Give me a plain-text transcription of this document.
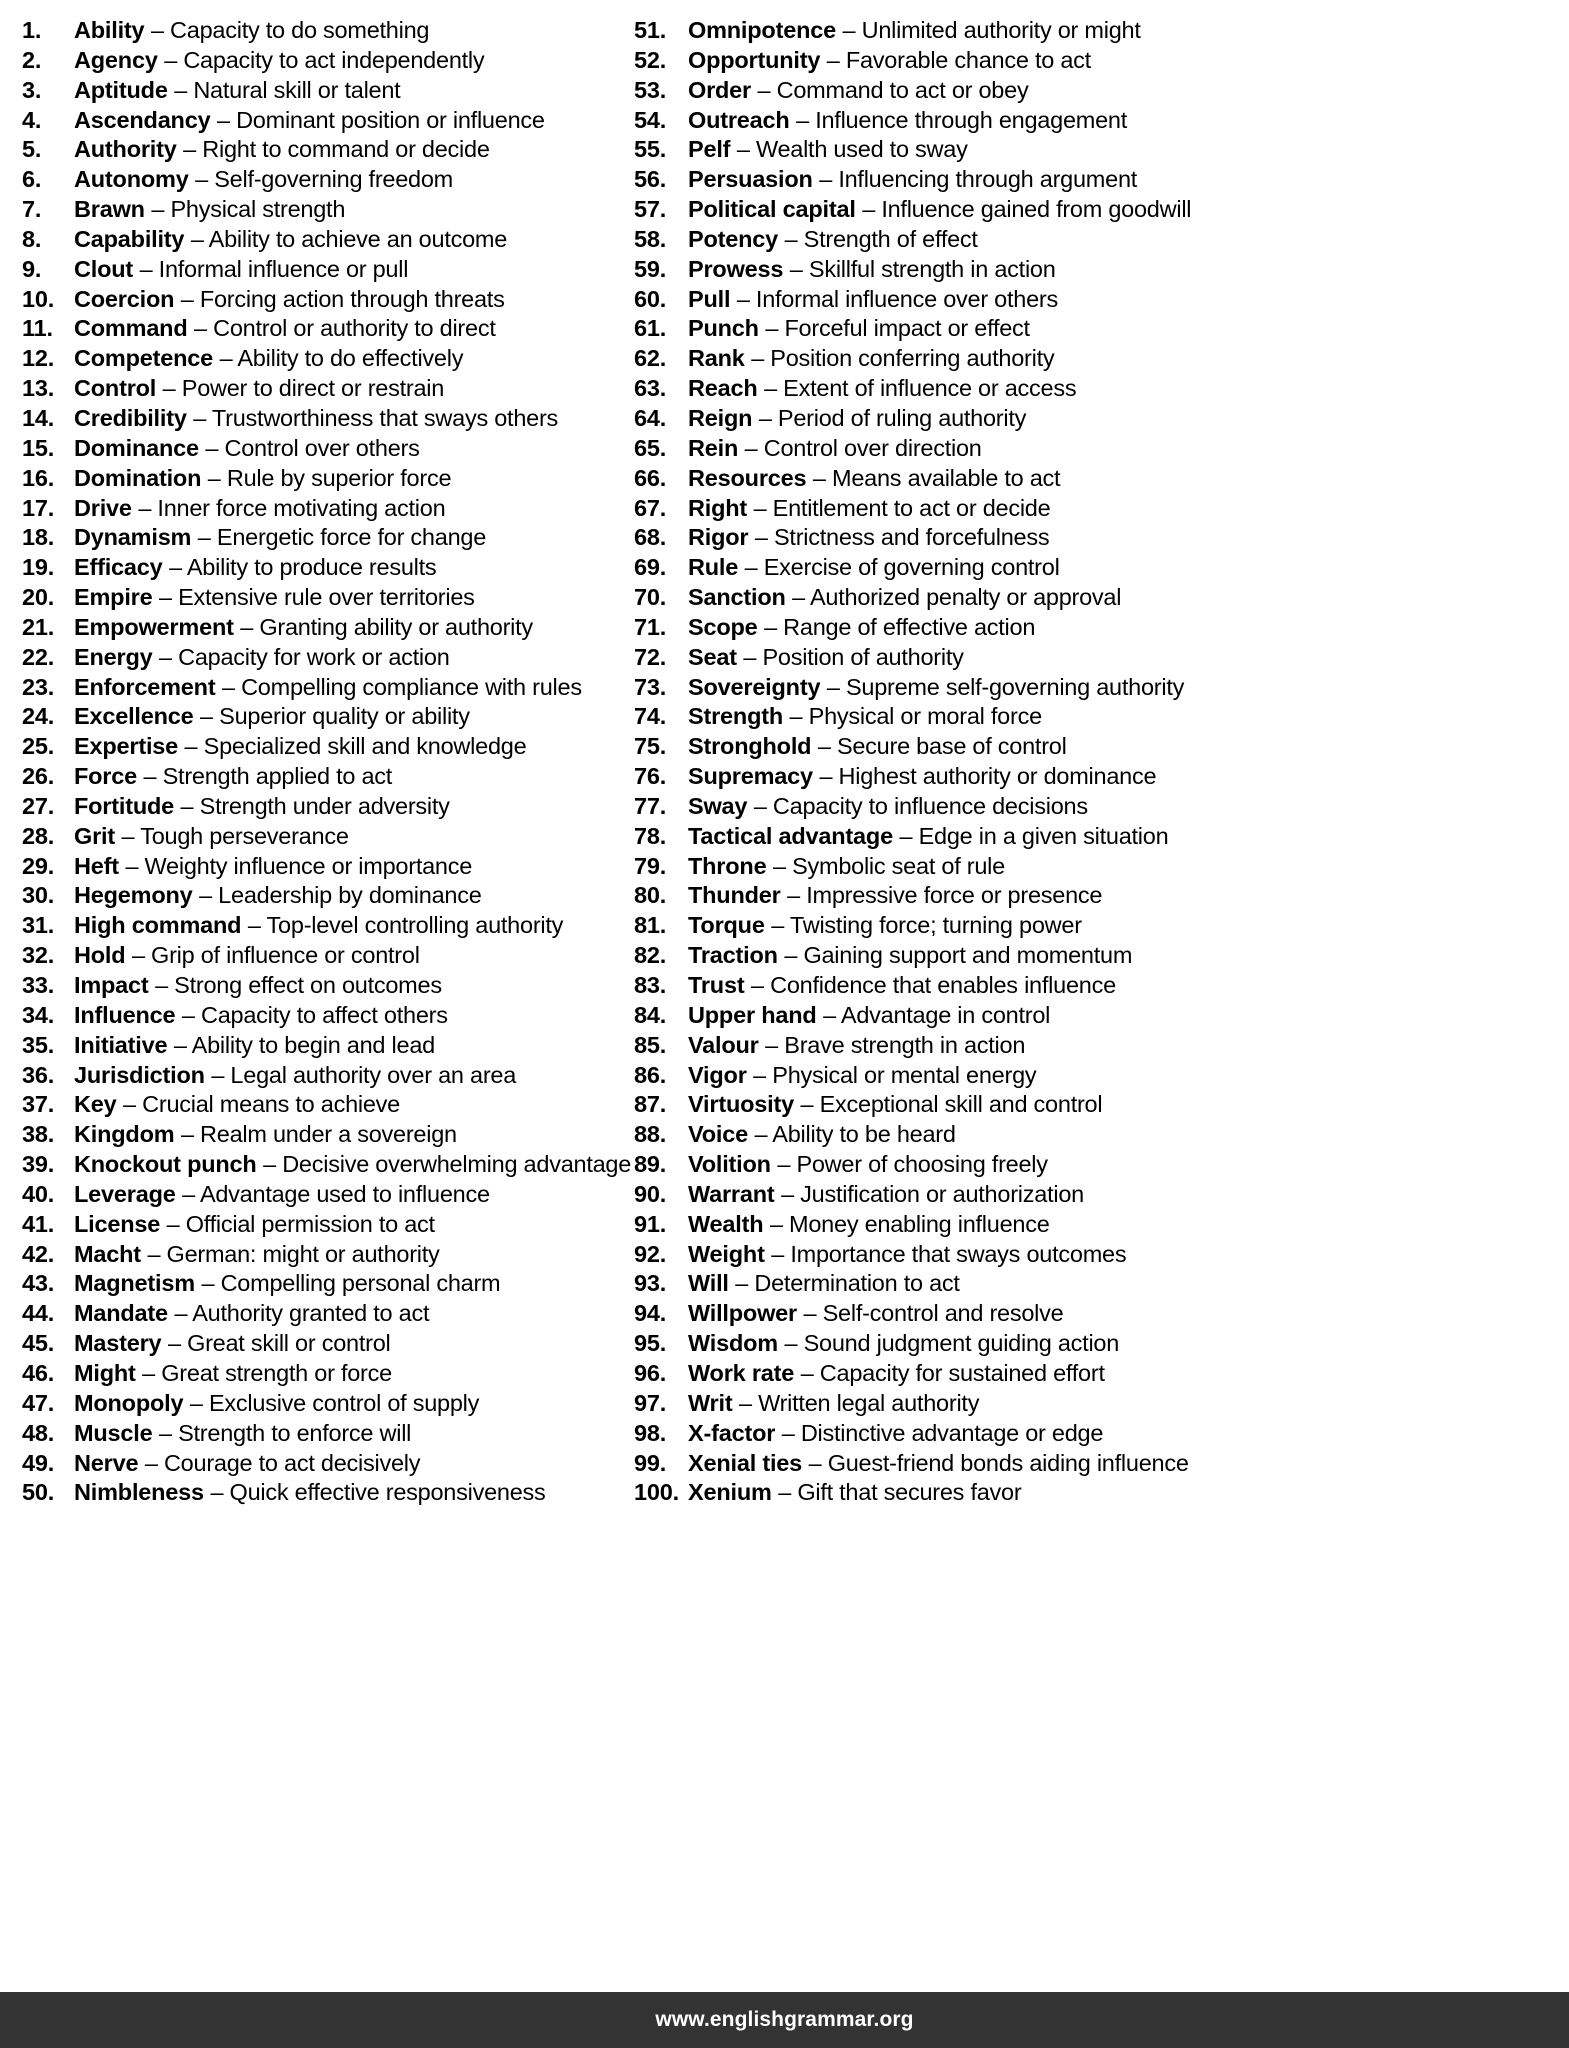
1.	Ability – Capacity to do something
2.	Agency – Capacity to act independently
3.	Aptitude – Natural skill or talent
4.	Ascendancy – Dominant position or influence
5.	Authority – Right to command or decide
6.	Autonomy – Self-governing freedom
7.	Brawn – Physical strength
8.	Capability – Ability to achieve an outcome
9.	Clout – Informal influence or pull
10. Coercion – Forcing action through threats
11. Command – Control or authority to direct
12. Competence – Ability to do effectively
13. Control – Power to direct or restrain
14. Credibility – Trustworthiness that sways others
15. Dominance – Control over others
16. Domination – Rule by superior force
17. Drive – Inner force motivating action
18. Dynamism – Energetic force for change
19. Efficacy – Ability to produce results
20. Empire – Extensive rule over territories
21. Empowerment – Granting ability or authority
22. Energy – Capacity for work or action
23. Enforcement – Compelling compliance with rules
24. Excellence – Superior quality or ability
25. Expertise – Specialized skill and knowledge
26. Force – Strength applied to act
27. Fortitude – Strength under adversity
28. Grit – Tough perseverance
29. Heft – Weighty influence or importance
30. Hegemony – Leadership by dominance
31. High command – Top-level controlling authority
32. Hold – Grip of influence or control
33. Impact – Strong effect on outcomes
34. Influence – Capacity to affect others
35. Initiative – Ability to begin and lead
36. Jurisdiction – Legal authority over an area
37. Key – Crucial means to achieve
38. Kingdom – Realm under a sovereign
39. Knockout punch – Decisive overwhelming advantage
40. Leverage – Advantage used to influence
41. License – Official permission to act
42. Macht – German: might or authority
43. Magnetism – Compelling personal charm
44. Mandate – Authority granted to act
45. Mastery – Great skill or control
46. Might – Great strength or force
47. Monopoly – Exclusive control of supply
48. Muscle – Strength to enforce will
49. Nerve – Courage to act decisively
50. Nimbleness – Quick effective responsiveness
51. Omnipotence – Unlimited authority or might
52. Opportunity – Favorable chance to act
53. Order – Command to act or obey
54. Outreach – Influence through engagement
55. Pelf – Wealth used to sway
56. Persuasion – Influencing through argument
57. Political capital – Influence gained from goodwill
58. Potency – Strength of effect
59. Prowess – Skillful strength in action
60. Pull – Informal influence over others
61. Punch – Forceful impact or effect
62. Rank – Position conferring authority
63. Reach – Extent of influence or access
64. Reign – Period of ruling authority
65. Rein – Control over direction
66. Resources – Means available to act
67. Right – Entitlement to act or decide
68. Rigor – Strictness and forcefulness
69. Rule – Exercise of governing control
70. Sanction – Authorized penalty or approval
71. Scope – Range of effective action
72. Seat – Position of authority
73. Sovereignty – Supreme self-governing authority
74. Strength – Physical or moral force
75. Stronghold – Secure base of control
76. Supremacy – Highest authority or dominance
77. Sway – Capacity to influence decisions
78. Tactical advantage – Edge in a given situation
79. Throne – Symbolic seat of rule
80. Thunder – Impressive force or presence
81. Torque – Twisting force; turning power
82. Traction – Gaining support and momentum
83. Trust – Confidence that enables influence
84. Upper hand – Advantage in control
85. Valour – Brave strength in action
86. Vigor – Physical or mental energy
87. Virtuosity – Exceptional skill and control
88. Voice – Ability to be heard
89. Volition – Power of choosing freely
90. Warrant – Justification or authorization
91. Wealth – Money enabling influence
92. Weight – Importance that sways outcomes
93. Will – Determination to act
94. Willpower – Self-control and resolve
95. Wisdom – Sound judgment guiding action
96. Work rate – Capacity for sustained effort
97. Writ – Written legal authority
98. X-factor – Distinctive advantage or edge
99. Xenial ties – Guest-friend bonds aiding influence
100. Xenium – Gift that secures favor
www.englishgrammar.org
